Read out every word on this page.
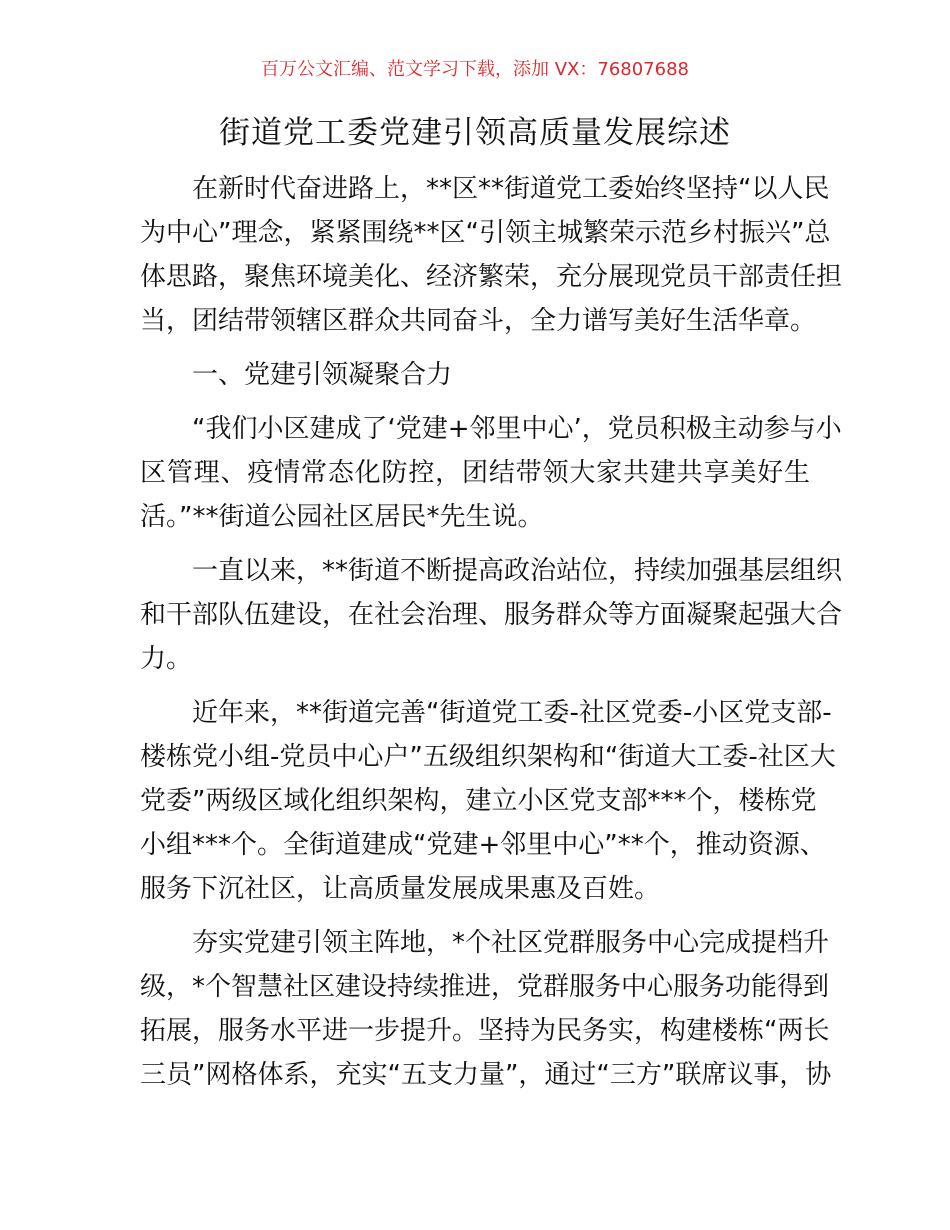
百万公文汇编、范文学习下载，添加 VX：76807688
街道党工委党建引领高质量发展综述
在新时代奋进路上，**区**街道党工委始终坚持“以人民
为中心”理念，紧紧围绕**区“引领主城繁荣示范乡村振兴”总
体思路，聚焦环境美化、经济繁荣，充分展现党员干部责任担
当，团结带领辖区群众共同奋斗，全力谱写美好生活华章。
一、党建引领凝聚合力
“我们小区建成了‘党建+邻里中心’，党员积极主动参与小
区管理、疫情常态化防控，团结带领大家共建共享美好生
活。”**街道公园社区居民*先生说。
一直以来，**街道不断提高政治站位，持续加强基层组织
和干部队伍建设，在社会治理、服务群众等方面凝聚起强大合
力。
近年来，**街道完善“街道党工委-社区党委-小区党支部-
楼栋党小组-党员中心户”五级组织架构和“街道大工委-社区大
党委”两级区域化组织架构，建立小区党支部***个，楼栋党
小组***个。全街道建成“党建+邻里中心”**个，推动资源、
服务下沉社区，让高质量发展成果惠及百姓。
夯实党建引领主阵地，*个社区党群服务中心完成提档升
级，*个智慧社区建设持续推进，党群服务中心服务功能得到
拓展，服务水平进一步提升。坚持为民务实，构建楼栋“两长
三员”网格体系，充实“五支力量”，通过“三方”联席议事，协
